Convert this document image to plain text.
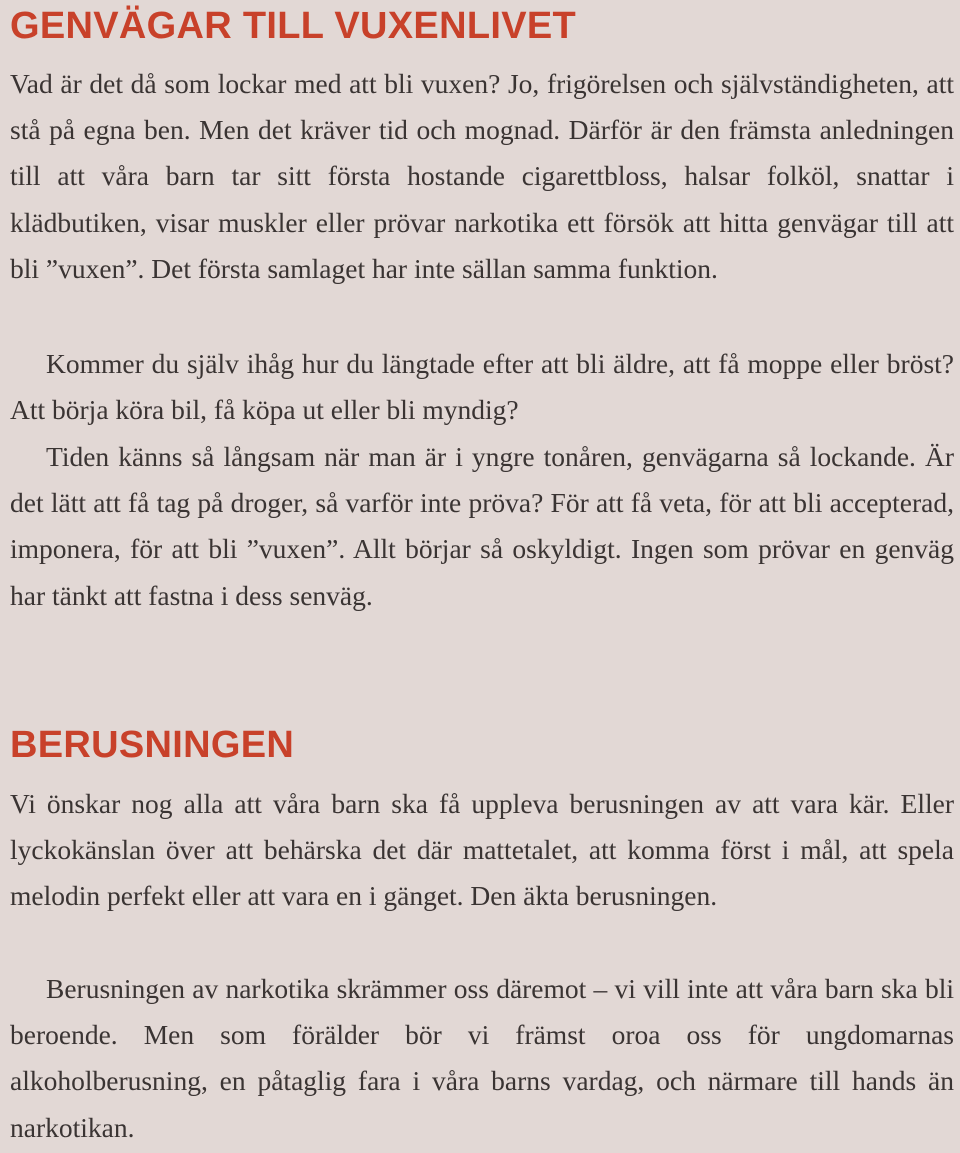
GENVÄGAR TILL VUXENLIVET

Vad är det då som lockar med att bli vuxen? Jo, frigörelsen och självständigheten, att stå på egna ben. Men det kräver tid och mognad. Därför är den främsta anledningen till att våra barn tar sitt första hostande cigarettbloss, halsar folköl, snattar i klädbutiken, visar muskler eller prövar narkotika ett försök att hitta genvägar till att bli ”vuxen”. Det första samlaget har inte sällan samma funktion.

Kommer du själv ihåg hur du längtade efter att bli äldre, att få moppe eller bröst? Att börja köra bil, få köpa ut eller bli myndig?

Tiden känns så långsam när man är i yngre tonåren, genvägarna så lockande. Är det lätt att få tag på droger, så varför inte pröva? För att få veta, för att bli accepterad, imponera, för att bli ”vuxen”. Allt börjar så oskyldigt. Ingen som prövar en genväg har tänkt att fastna i dess senväg.

BERUSNINGEN

Vi önskar nog alla att våra barn ska få uppleva berusningen av att vara kär. Eller lyckokänslan över att behärska det där mattetalet, att komma först i mål, att spela melodin perfekt eller att vara en i gänget. Den äkta berusningen.

Berusningen av narkotika skrämmer oss däremot – vi vill inte att våra barn ska bli beroende. Men som förälder bör vi främst oroa oss för ungdomarnas alkoholberusning, en påtaglig fara i våra barns vardag, och närmare till hands än narkotikan.
